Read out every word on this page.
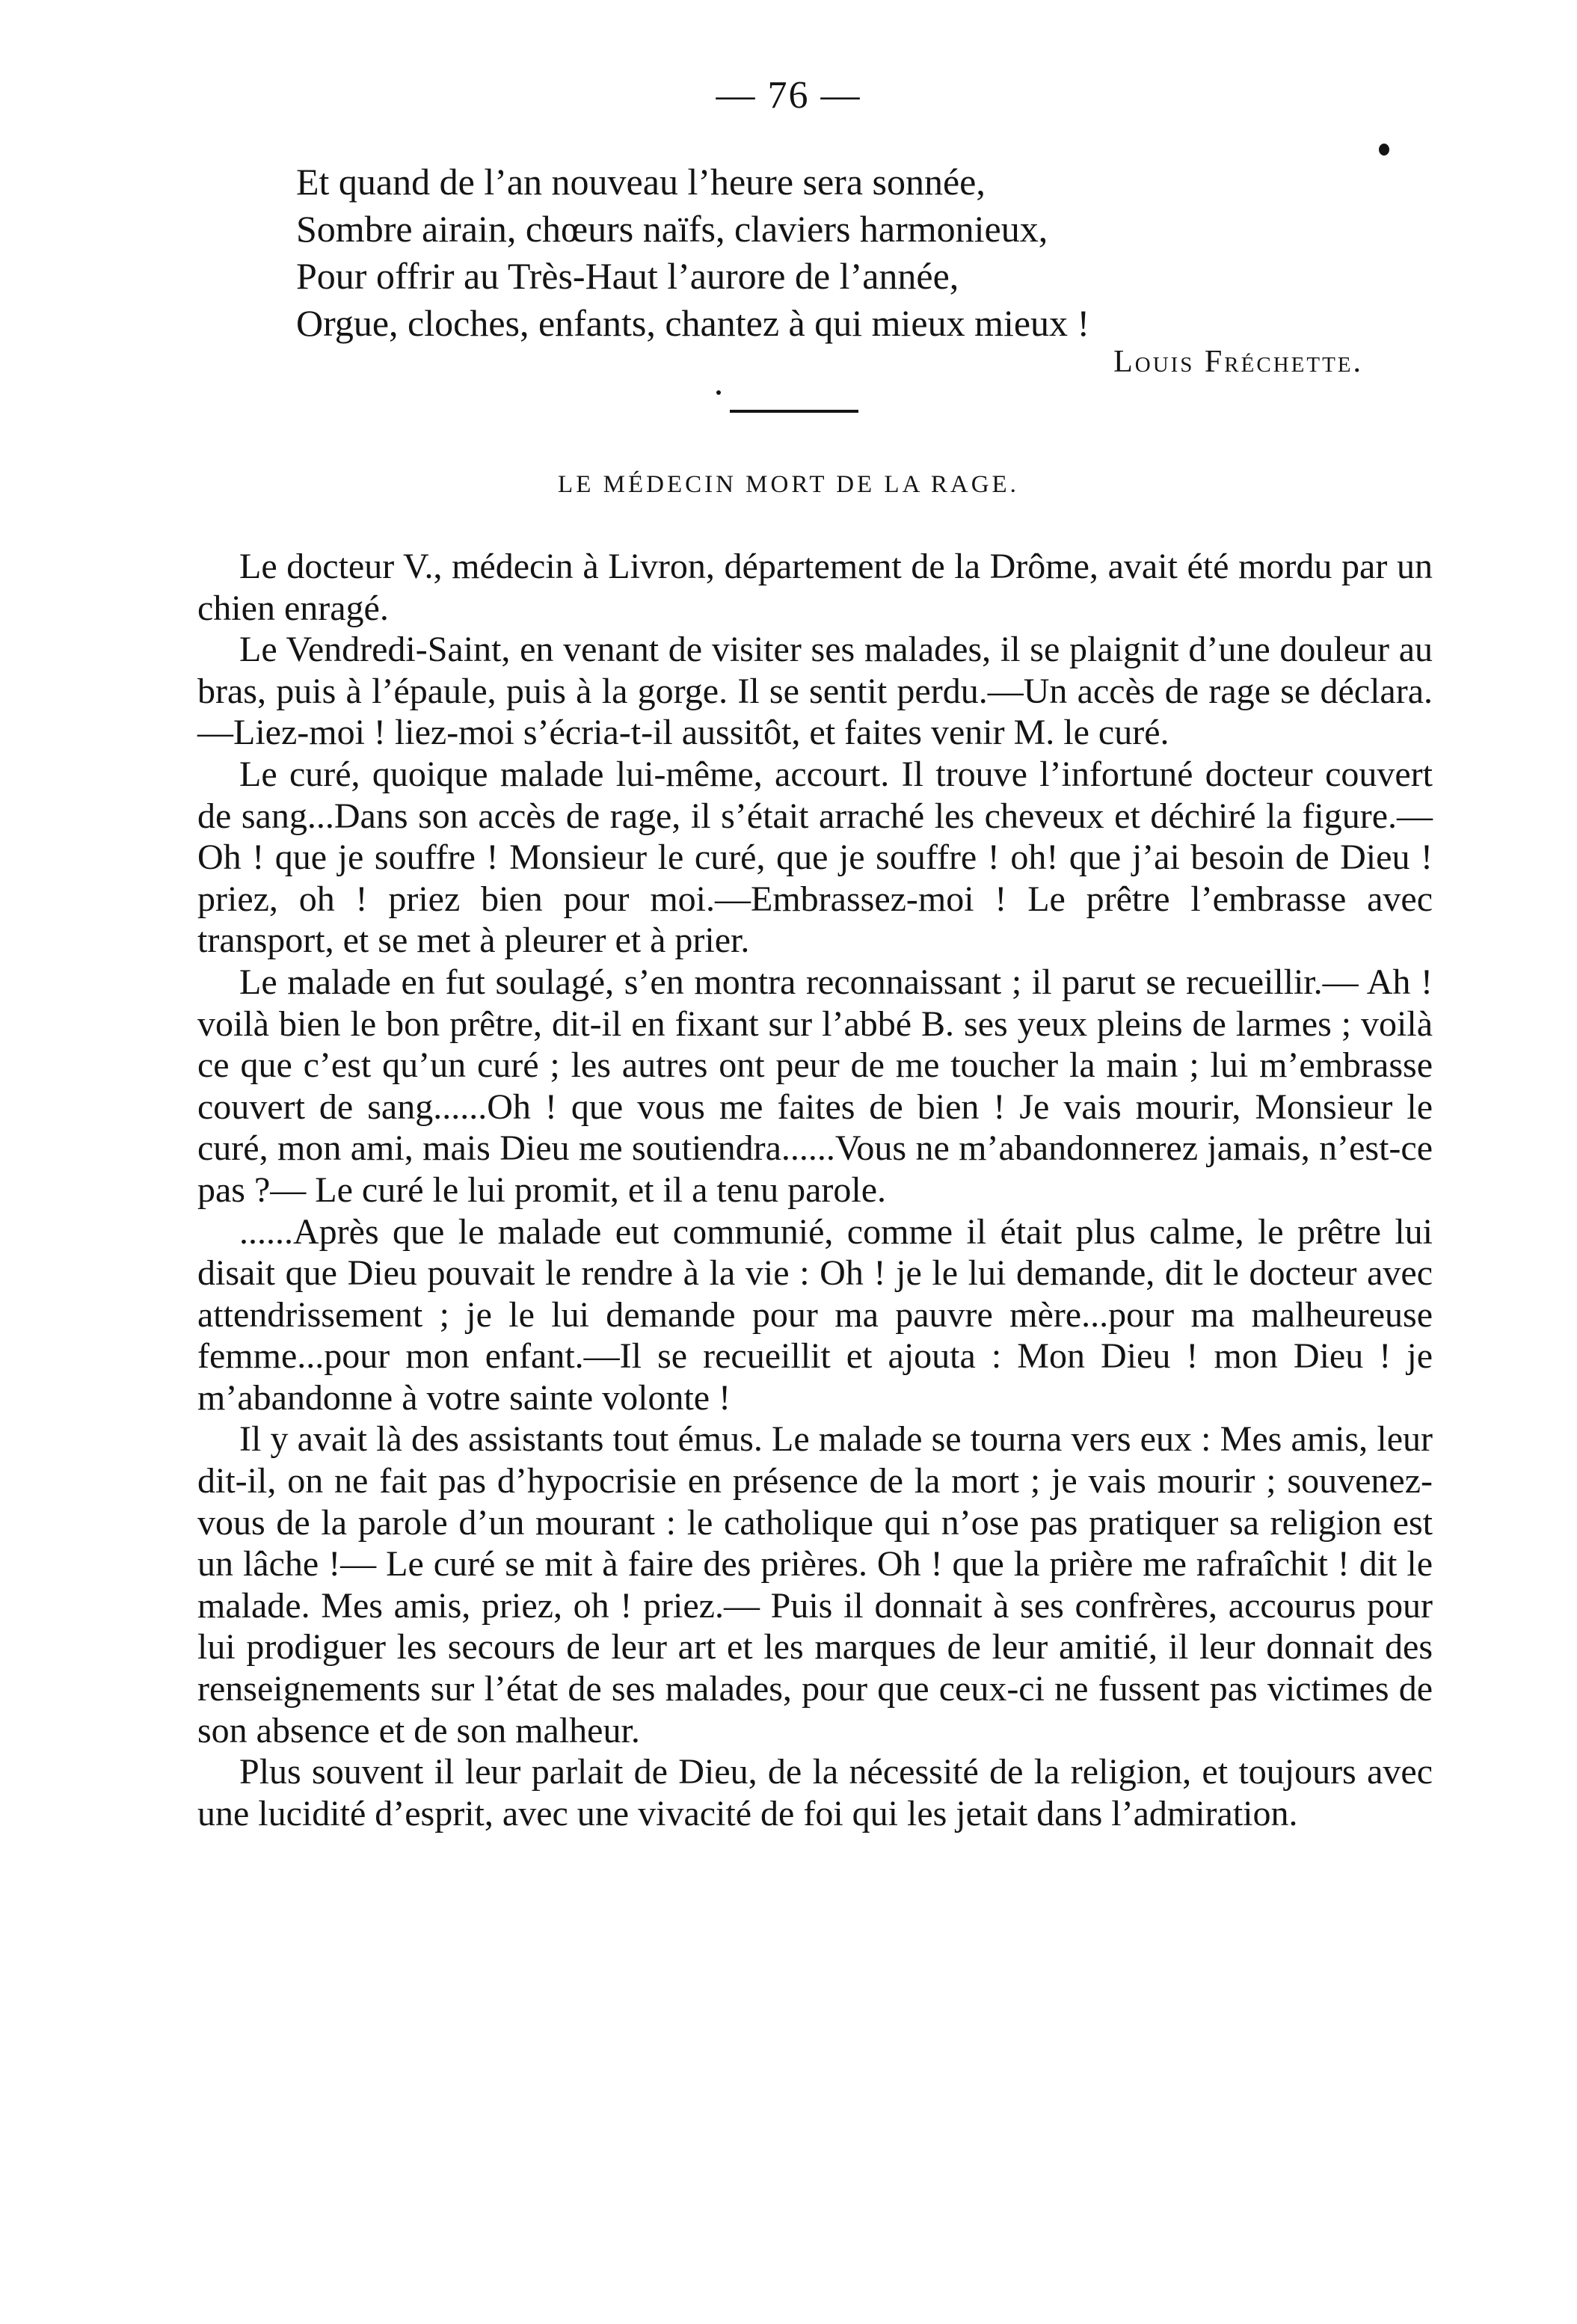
— 76 —
Et quand de l’an nouveau l’heure sera sonnée,
Sombre airain, chœurs naïfs, claviers harmonieux,
Pour offrir au Très-Haut l’aurore de l’année,
Orgue, cloches, enfants, chantez à qui mieux mieux !
Louis Fréchette.
LE MÉDECIN MORT DE LA RAGE.

Le docteur V., médecin à Livron, département de la Drôme, avait été mordu par un chien enragé.

Le Vendredi-Saint, en venant de visiter ses malades, il se plaignit d’une douleur au bras, puis à l’épaule, puis à la gorge. Il se sentit perdu.—Un accès de rage se déclara.—Liez-moi ! liez-moi s’écria-t-il aussitôt, et faites venir M. le curé.

Le curé, quoique malade lui-même, accourt. Il trouve l’infortuné docteur couvert de sang...Dans son accès de rage, il s’était arraché les cheveux et déchiré la figure.—Oh ! que je souffre ! Monsieur le curé, que je souffre ! oh! que j’ai besoin de Dieu ! priez, oh ! priez bien pour moi.—Embrassez-moi ! Le prêtre l’embrasse avec transport, et se met à pleurer et à prier.

Le malade en fut soulagé, s’en montra reconnaissant ; il parut se recueillir.— Ah ! voilà bien le bon prêtre, dit-il en fixant sur l’abbé B. ses yeux pleins de larmes ; voilà ce que c’est qu’un curé ; les autres ont peur de me toucher la main ; lui m’embrasse couvert de sang......Oh ! que vous me faites de bien ! Je vais mourir, Monsieur le curé, mon ami, mais Dieu me soutiendra......Vous ne m’abandonnerez jamais, n’est-ce pas ?— Le curé le lui promit, et il a tenu parole.

......Après que le malade eut communié, comme il était plus calme, le prêtre lui disait que Dieu pouvait le rendre à la vie : Oh ! je le lui demande, dit le docteur avec attendrissement ; je le lui demande pour ma pauvre mère...pour ma malheureuse femme...pour mon enfant.—Il se recueillit et ajouta : Mon Dieu ! mon Dieu ! je m’abandonne à votre sainte volonte !

Il y avait là des assistants tout émus. Le malade se tourna vers eux : Mes amis, leur dit-il, on ne fait pas d’hypocrisie en présence de la mort ; je vais mourir ; souvenez-vous de la parole d’un mourant : le catholique qui n’ose pas pratiquer sa religion est un lâche !— Le curé se mit à faire des prières. Oh ! que la prière me rafraîchit ! dit le malade. Mes amis, priez, oh ! priez.— Puis il donnait à ses confrères, accourus pour lui prodiguer les secours de leur art et les marques de leur amitié, il leur donnait des renseignements sur l’état de ses malades, pour que ceux-ci ne fussent pas victimes de son absence et de son malheur.

Plus souvent il leur parlait de Dieu, de la nécessité de la religion, et toujours avec une lucidité d’esprit, avec une vivacité de foi qui les jetait dans l’admiration.
